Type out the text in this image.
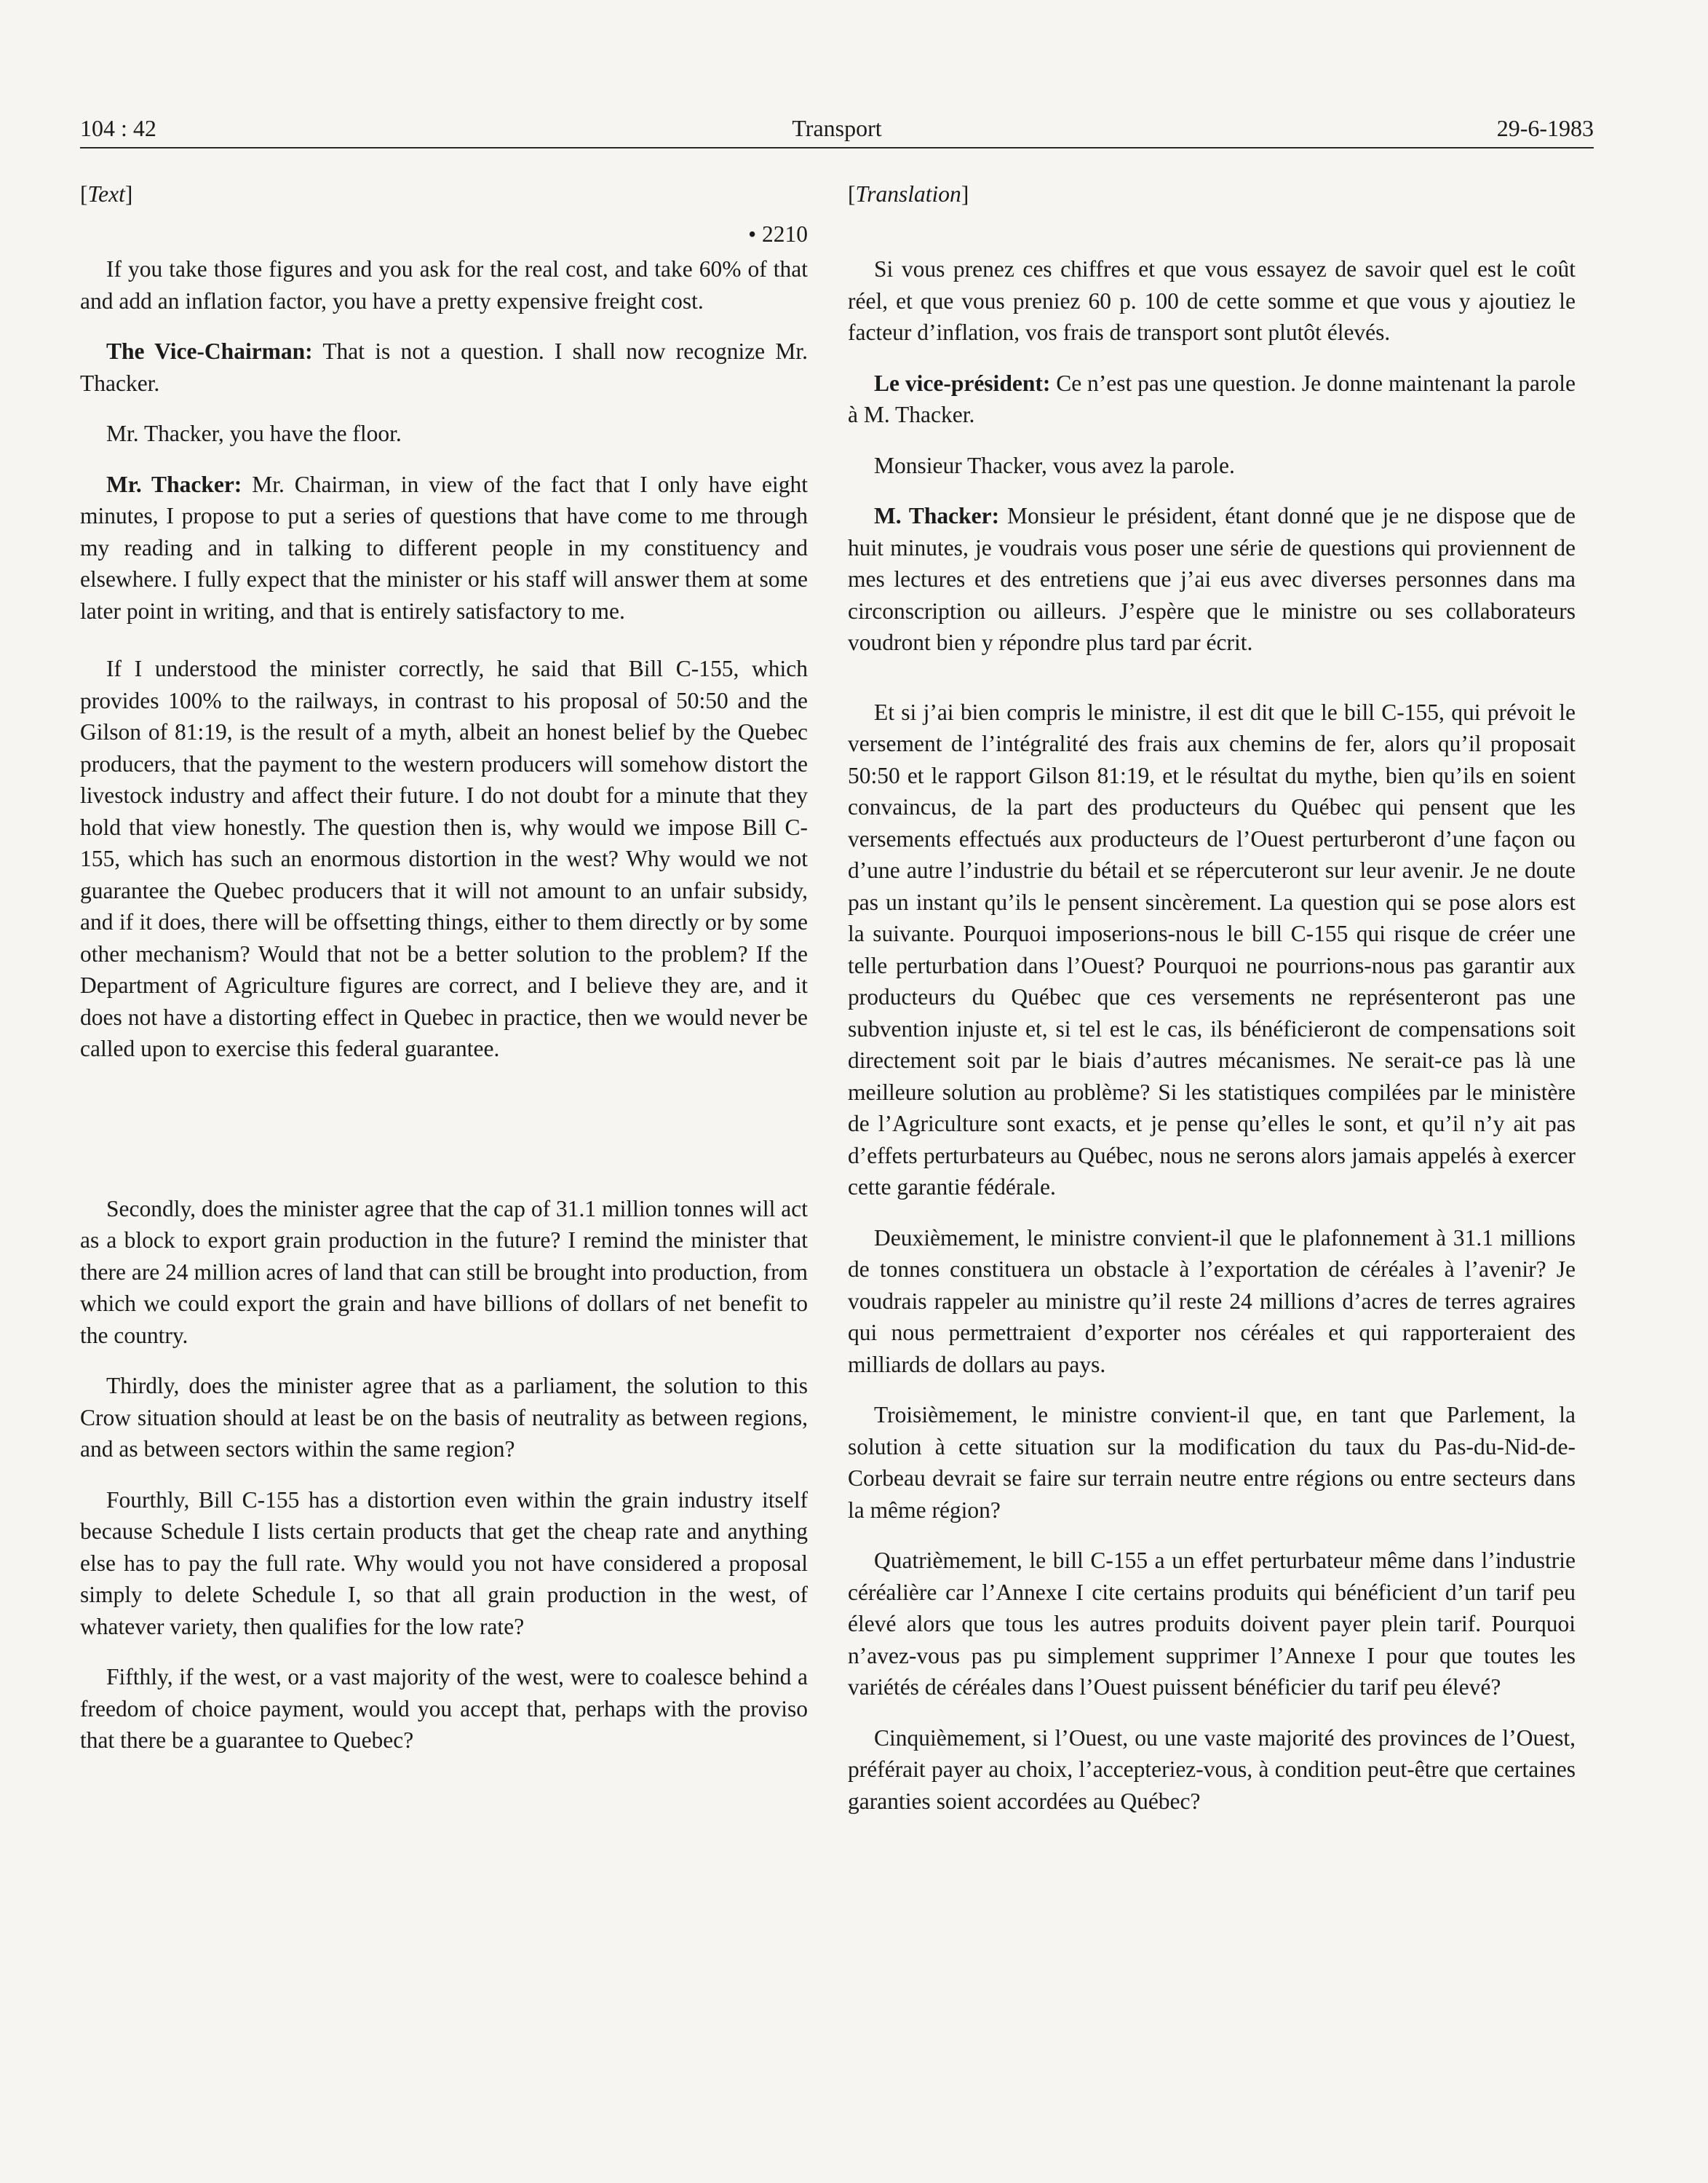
104 : 42	Transport	29-6-1983
[Text]
• 2210

If you take those figures and you ask for the real cost, and take 60% of that and add an inflation factor, you have a pretty expensive freight cost.

The Vice-Chairman: That is not a question. I shall now recognize Mr. Thacker.

Mr. Thacker, you have the floor.

Mr. Thacker: Mr. Chairman, in view of the fact that I only have eight minutes, I propose to put a series of questions that have come to me through my reading and in talking to different people in my constituency and elsewhere. I fully expect that the minister or his staff will answer them at some later point in writing, and that is entirely satisfactory to me.

If I understood the minister correctly, he said that Bill C-155, which provides 100% to the railways, in contrast to his proposal of 50:50 and the Gilson of 81:19, is the result of a myth, albeit an honest belief by the Quebec producers, that the payment to the western producers will somehow distort the livestock industry and affect their future. I do not doubt for a minute that they hold that view honestly. The question then is, why would we impose Bill C-155, which has such an enormous distortion in the west? Why would we not guarantee the Quebec producers that it will not amount to an unfair subsidy, and if it does, there will be offsetting things, either to them directly or by some other mechanism? Would that not be a better solution to the problem? If the Department of Agriculture figures are correct, and I believe they are, and it does not have a distorting effect in Quebec in practice, then we would never be called upon to exercise this federal guarantee.

Secondly, does the minister agree that the cap of 31.1 million tonnes will act as a block to export grain production in the future? I remind the minister that there are 24 million acres of land that can still be brought into production, from which we could export the grain and have billions of dollars of net benefit to the country.

Thirdly, does the minister agree that as a parliament, the solution to this Crow situation should at least be on the basis of neutrality as between regions, and as between sectors within the same region?

Fourthly, Bill C-155 has a distortion even within the grain industry itself because Schedule I lists certain products that get the cheap rate and anything else has to pay the full rate. Why would you not have considered a proposal simply to delete Schedule I, so that all grain production in the west, of whatever variety, then qualifies for the low rate?

Fifthly, if the west, or a vast majority of the west, were to coalesce behind a freedom of choice payment, would you accept that, perhaps with the proviso that there be a guarantee to Quebec?

[Translation]

Si vous prenez ces chiffres et que vous essayez de savoir quel est le coût réel, et que vous preniez 60 p. 100 de cette somme et que vous y ajoutiez le facteur d’inflation, vos frais de transport sont plutôt élevés.

Le vice-président: Ce n’est pas une question. Je donne maintenant la parole à M. Thacker.

Monsieur Thacker, vous avez la parole.

M. Thacker: Monsieur le président, étant donné que je ne dispose que de huit minutes, je voudrais vous poser une série de questions qui proviennent de mes lectures et des entretiens que j’ai eus avec diverses personnes dans ma circonscription ou ailleurs. J’espère que le ministre ou ses collaborateurs voudront bien y répondre plus tard par écrit.

Et si j’ai bien compris le ministre, il est dit que le bill C-155, qui prévoit le versement de l’intégralité des frais aux chemins de fer, alors qu’il proposait 50:50 et le rapport Gilson 81:19, et le résultat du mythe, bien qu’ils en soient convaincus, de la part des producteurs du Québec qui pensent que les versements effectués aux producteurs de l’Ouest perturberont d’une façon ou d’une autre l’industrie du bétail et se répercuteront sur leur avenir. Je ne doute pas un instant qu’ils le pensent sincèrement. La question qui se pose alors est la suivante. Pourquoi imposerions-nous le bill C-155 qui risque de créer une telle perturbation dans l’Ouest? Pourquoi ne pourrions-nous pas garantir aux producteurs du Québec que ces versements ne représenteront pas une subvention injuste et, si tel est le cas, ils bénéficieront de compensations soit directement soit par le biais d’autres mécanismes. Ne serait-ce pas là une meilleure solution au problème? Si les statistiques compilées par le ministère de l’Agriculture sont exacts, et je pense qu’elles le sont, et qu’il n’y ait pas d’effets perturbateurs au Québec, nous ne serons alors jamais appelés à exercer cette garantie fédérale.

Deuxièmement, le ministre convient-il que le plafonnement à 31.1 millions de tonnes constituera un obstacle à l’exportation de céréales à l’avenir? Je voudrais rappeler au ministre qu’il reste 24 millions d’acres de terres agraires qui nous permettraient d’exporter nos céréales et qui rapporteraient des milliards de dollars au pays.

Troisièmement, le ministre convient-il que, en tant que Parlement, la solution à cette situation sur la modification du taux du Pas-du-Nid-de-Corbeau devrait se faire sur terrain neutre entre régions ou entre secteurs dans la même région?

Quatrièmement, le bill C-155 a un effet perturbateur même dans l’industrie céréalière car l’Annexe I cite certains produits qui bénéficient d’un tarif peu élevé alors que tous les autres produits doivent payer plein tarif. Pourquoi n’avez-vous pas pu simplement supprimer l’Annexe I pour que toutes les variétés de céréales dans l’Ouest puissent bénéficier du tarif peu élevé?

Cinquièmement, si l’Ouest, ou une vaste majorité des provinces de l’Ouest, préférait payer au choix, l’accepteriez-vous, à condition peut-être que certaines garanties soient accordées au Québec?
